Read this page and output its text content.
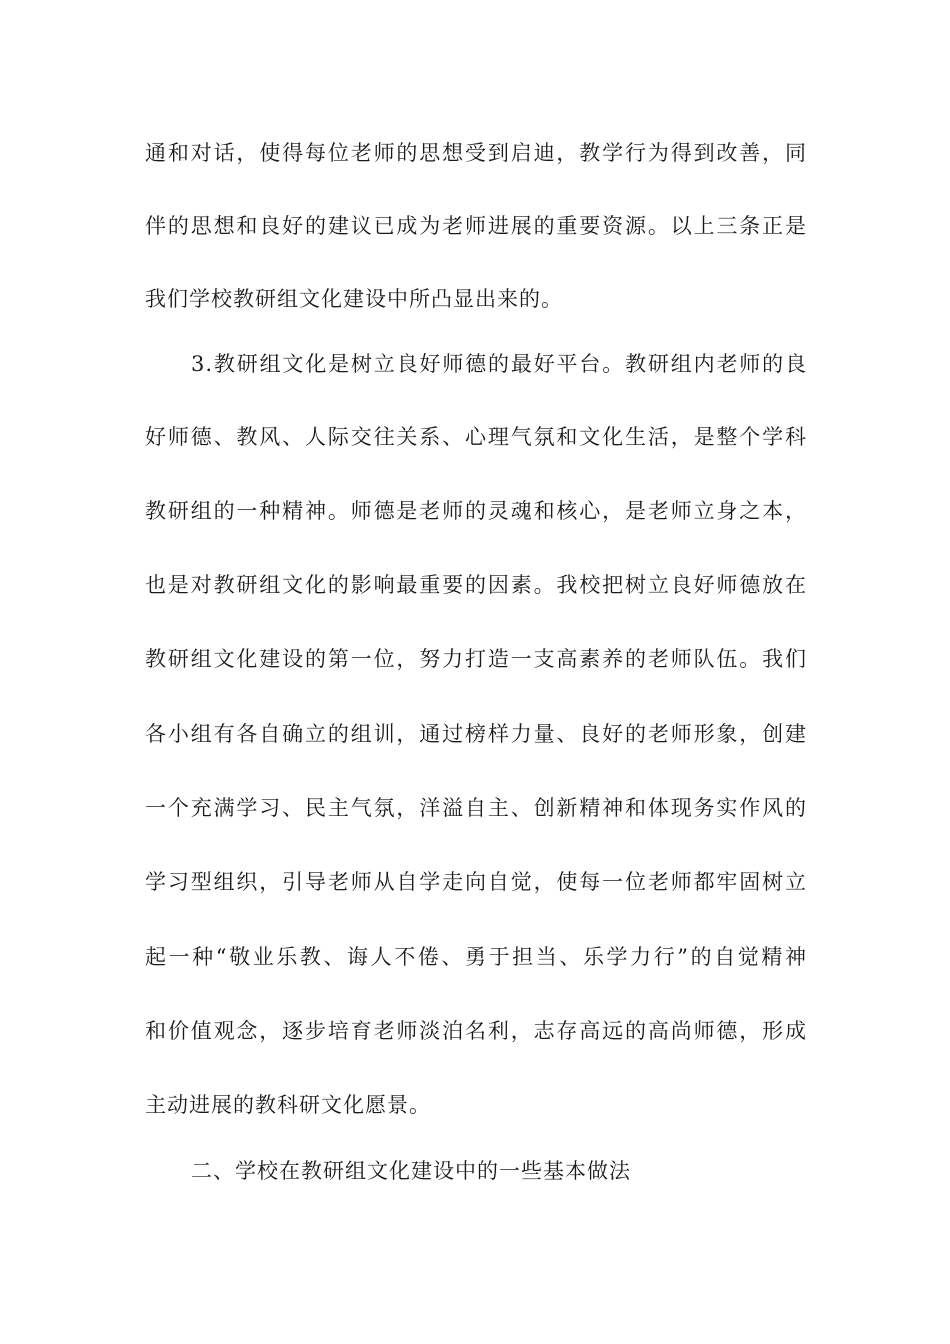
通和对话，使得每位老师的思想受到启迪，教学行为得到改善，同
伴的思想和良好的建议已成为老师进展的重要资源。以上三条正是
我们学校教研组文化建设中所凸显出来的。
3.教研组文化是树立良好师德的最好平台。教研组内老师的良
好师德、教风、人际交往关系、心理气氛和文化生活，是整个学科
教研组的一种精神。师德是老师的灵魂和核心，是老师立身之本，
也是对教研组文化的影响最重要的因素。我校把树立良好师德放在
教研组文化建设的第一位，努力打造一支高素养的老师队伍。我们
各小组有各自确立的组训，通过榜样力量、良好的老师形象，创建
一个充满学习、民主气氛，洋溢自主、创新精神和体现务实作风的
学习型组织，引导老师从自学走向自觉，使每一位老师都牢固树立
起一种“敬业乐教、诲人不倦、勇于担当、乐学力行”的自觉精神
和价值观念，逐步培育老师淡泊名利，志存高远的高尚师德，形成
主动进展的教科研文化愿景。
二、学校在教研组文化建设中的一些基本做法
